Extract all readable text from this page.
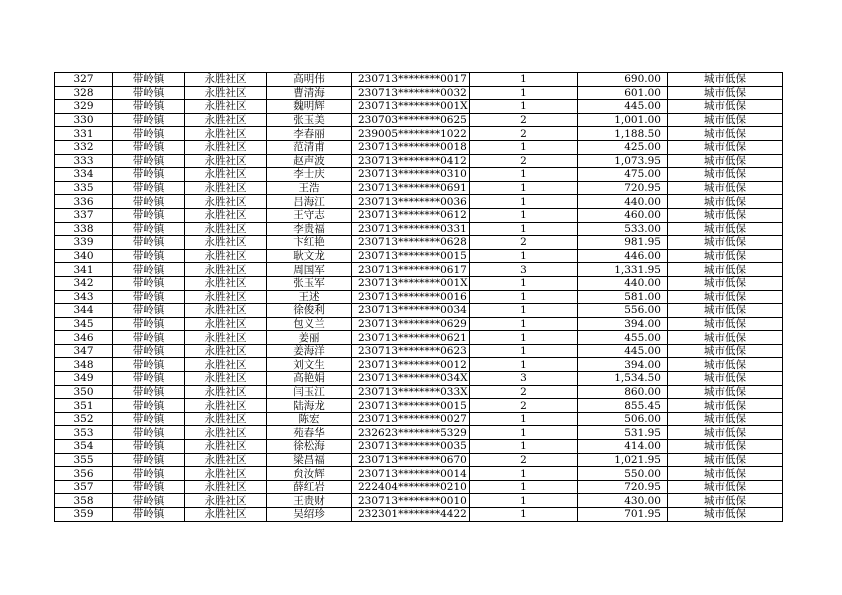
327	带岭镇	永胜社区	高明伟	230713********0017	1	690.00	城市低保
328	带岭镇	永胜社区	曹清海	230713********0032	1	601.00	城市低保
329	带岭镇	永胜社区	魏明辉	230713********001X	1	445.00	城市低保
330	带岭镇	永胜社区	张玉美	230703********0625	2	1,001.00	城市低保
331	带岭镇	永胜社区	李春丽	239005********1022	2	1,188.50	城市低保
332	带岭镇	永胜社区	范清甫	230713********0018	1	425.00	城市低保
333	带岭镇	永胜社区	赵声波	230713********0412	2	1,073.95	城市低保
334	带岭镇	永胜社区	李士庆	230713********0310	1	475.00	城市低保
335	带岭镇	永胜社区	王浩	230713********0691	1	720.95	城市低保
336	带岭镇	永胜社区	吕海江	230713********0036	1	440.00	城市低保
337	带岭镇	永胜社区	王守志	230713********0612	1	460.00	城市低保
338	带岭镇	永胜社区	李贵福	230713********0331	1	533.00	城市低保
339	带岭镇	永胜社区	卞红艳	230713********0628	2	981.95	城市低保
340	带岭镇	永胜社区	耿文龙	230713********0015	1	446.00	城市低保
341	带岭镇	永胜社区	周国军	230713********0617	3	1,331.95	城市低保
342	带岭镇	永胜社区	张玉军	230713********001X	1	440.00	城市低保
343	带岭镇	永胜社区	王述	230713********0016	1	581.00	城市低保
344	带岭镇	永胜社区	徐俊利	230713********0034	1	556.00	城市低保
345	带岭镇	永胜社区	包义兰	230713********0629	1	394.00	城市低保
346	带岭镇	永胜社区	姜丽	230713********0621	1	455.00	城市低保
347	带岭镇	永胜社区	姜海洋	230713********0623	1	445.00	城市低保
348	带岭镇	永胜社区	刘文生	230713********0012	1	394.00	城市低保
349	带岭镇	永胜社区	高艳娟	230713********034X	3	1,534.50	城市低保
350	带岭镇	永胜社区	闫玉江	230713********033X	2	860.00	城市低保
351	带岭镇	永胜社区	陆海龙	230713********0015	2	855.45	城市低保
352	带岭镇	永胜社区	陈宏	230713********0027	1	506.00	城市低保
353	带岭镇	永胜社区	苑春华	232623********5329	1	531.95	城市低保
354	带岭镇	永胜社区	徐松海	230713********0035	1	414.00	城市低保
355	带岭镇	永胜社区	梁昌福	230713********0670	2	1,021.95	城市低保
356	带岭镇	永胜社区	贠汝辉	230713********0014	1	550.00	城市低保
357	带岭镇	永胜社区	薛红岩	222404********0210	1	720.95	城市低保
358	带岭镇	永胜社区	王贵财	230713********0010	1	430.00	城市低保
359	带岭镇	永胜社区	吴绍珍	232301********4422	1	701.95	城市低保
